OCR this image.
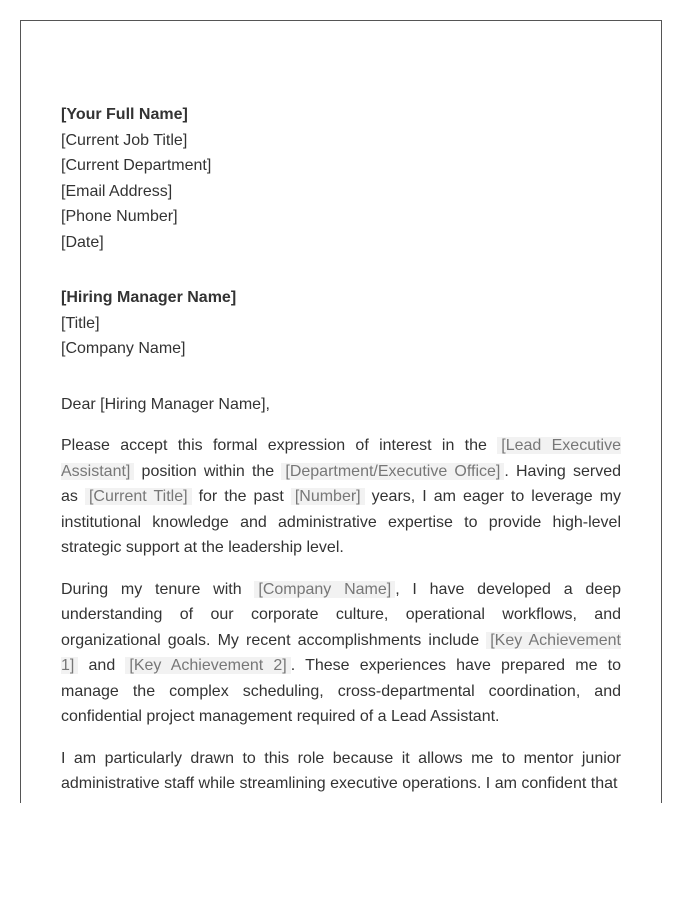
[Your Full Name]
[Current Job Title]
[Current Department]
[Email Address]
[Phone Number]
[Date]
[Hiring Manager Name]
[Title]
[Company Name]
Dear [Hiring Manager Name],

Please accept this formal expression of interest in the [Lead Executive Assistant] position within the [Department/Executive Office] . Having served as [Current Title] for the past [Number] years, I am eager to leverage my institutional knowledge and administrative expertise to provide high-level strategic support at the leadership level.

During my tenure with [Company Name] , I have developed a deep understanding of our corporate culture, operational workflows, and organizational goals. My recent accomplishments include [Key Achievement 1] and [Key Achievement 2] . These experiences have prepared me to manage the complex scheduling, cross-departmental coordination, and confidential project management required of a Lead Assistant.

I am particularly drawn to this role because it allows me to mentor junior administrative staff while streamlining executive operations. I am confident that
